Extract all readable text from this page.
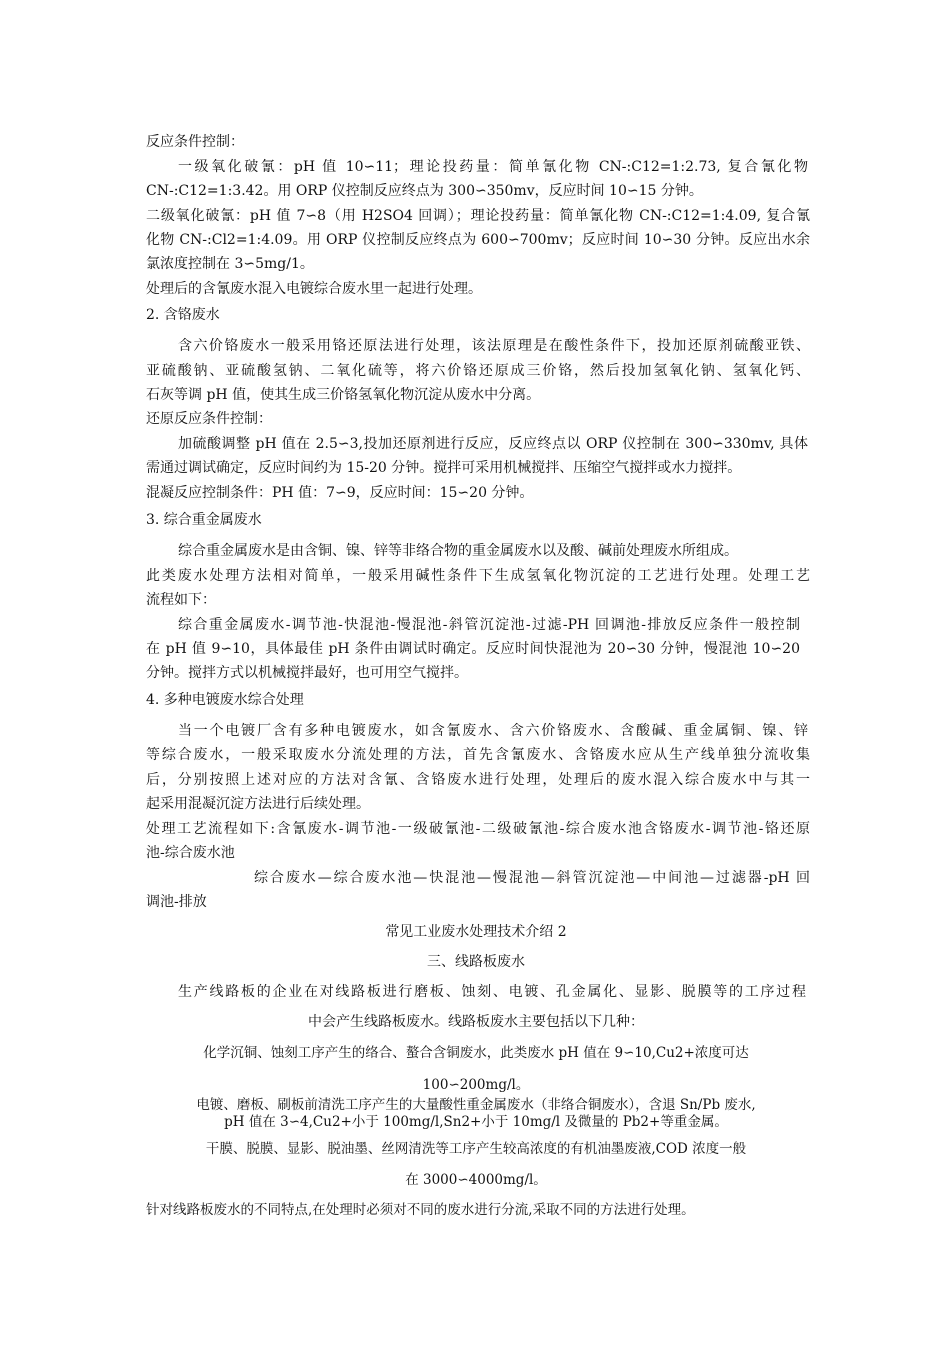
反应条件控制：

一级氧化破氰：pH 值 10∽11；理论投药量：简单氰化物 CN-:C12=1:2.73, 复合氰化物

CN-:C12=1:3.42。用 ORP 仪控制反应终点为 300∽350mv，反应时间 10∽15 分钟。

二级氧化破氰：pH 值 7∽8（用 H2SO4 回调）；理论投药量：简单氰化物 CN-:C12=1:4.09, 复合氰

化物 CN-:Cl2=1:4.09。用 ORP 仪控制反应终点为 600∽700mv；反应时间 10∽30 分钟。反应出水余

氯浓度控制在 3∽5mg/1。

处理后的含氰废水混入电镀综合废水里一起进行处理。

2. 含铬废水

含六价铬废水一般采用铬还原法进行处理，该法原理是在酸性条件下，投加还原剂硫酸亚铁、

亚硫酸钠、亚硫酸氢钠、二氧化硫等，将六价铬还原成三价铬，然后投加氢氧化钠、氢氧化钙、

石灰等调 pH 值，使其生成三价铬氢氧化物沉淀从废水中分离。

还原反应条件控制：

加硫酸调整 pH 值在 2.5∽3,投加还原剂进行反应，反应终点以 ORP 仪控制在 300∽330mv, 具体

需通过调试确定，反应时间约为 15-20 分钟。搅拌可采用机械搅拌、压缩空气搅拌或水力搅拌。

混凝反应控制条件：PH 值：7∽9，反应时间：15∽20 分钟。

3. 综合重金属废水

综合重金属废水是由含铜、镍、锌等非络合物的重金属废水以及酸、碱前处理废水所组成。

此类废水处理方法相对简单，一般采用碱性条件下生成氢氧化物沉淀的工艺进行处理。处理工艺

流程如下：

综合重金属废水-调节池-快混池-慢混池-斜管沉淀池-过滤-PH 回调池-排放反应条件一般控制

在 pH 值 9∽10，具体最佳 pH 条件由调试时确定。反应时间快混池为 20∽30 分钟，慢混池 10∽20

分钟。搅拌方式以机械搅拌最好，也可用空气搅拌。

4. 多种电镀废水综合处理

当一个电镀厂含有多种电镀废水，如含氰废水、含六价铬废水、含酸碱、重金属铜、镍、锌

等综合废水，一般采取废水分流处理的方法，首先含氰废水、含铬废水应从生产线单独分流收集

后，分别按照上述对应的方法对含氰、含铬废水进行处理，处理后的废水混入综合废水中与其一

起采用混凝沉淀方法进行后续处理。

处理工艺流程如下:含氰废水-调节池-一级破氰池-二级破氰池-综合废水池含铬废水-调节池-铬还原

池-综合废水池

综合废水—综合废水池—快混池—慢混池—斜管沉淀池—中间池—过滤器-pH 回

调池-排放

常见工业废水处理技术介绍 2

三、线路板废水

生产线路板的企业在对线路板进行磨板、蚀刻、电镀、孔金属化、显影、脱膜等的工序过程

中会产生线路板废水。线路板废水主要包括以下几种：

化学沉铜、蚀刻工序产生的络合、螯合含铜废水，此类废水 pH 值在 9∽10,Cu2+浓度可达

100∽200mg/l。

电镀、磨板、刷板前清洗工序产生的大量酸性重金属废水（非络合铜废水），含退 Sn/Pb 废水,

pH 值在 3∽4,Cu2+小于 100mg/l,Sn2+小于 10mg/l 及微量的 Pb2+等重金属。

干膜、脱膜、显影、脱油墨、丝网清洗等工序产生较高浓度的有机油墨废液,COD 浓度一般

在 3000∽4000mg/l。

针对线路板废水的不同特点,在处理时必须对不同的废水进行分流,采取不同的方法进行处理。
